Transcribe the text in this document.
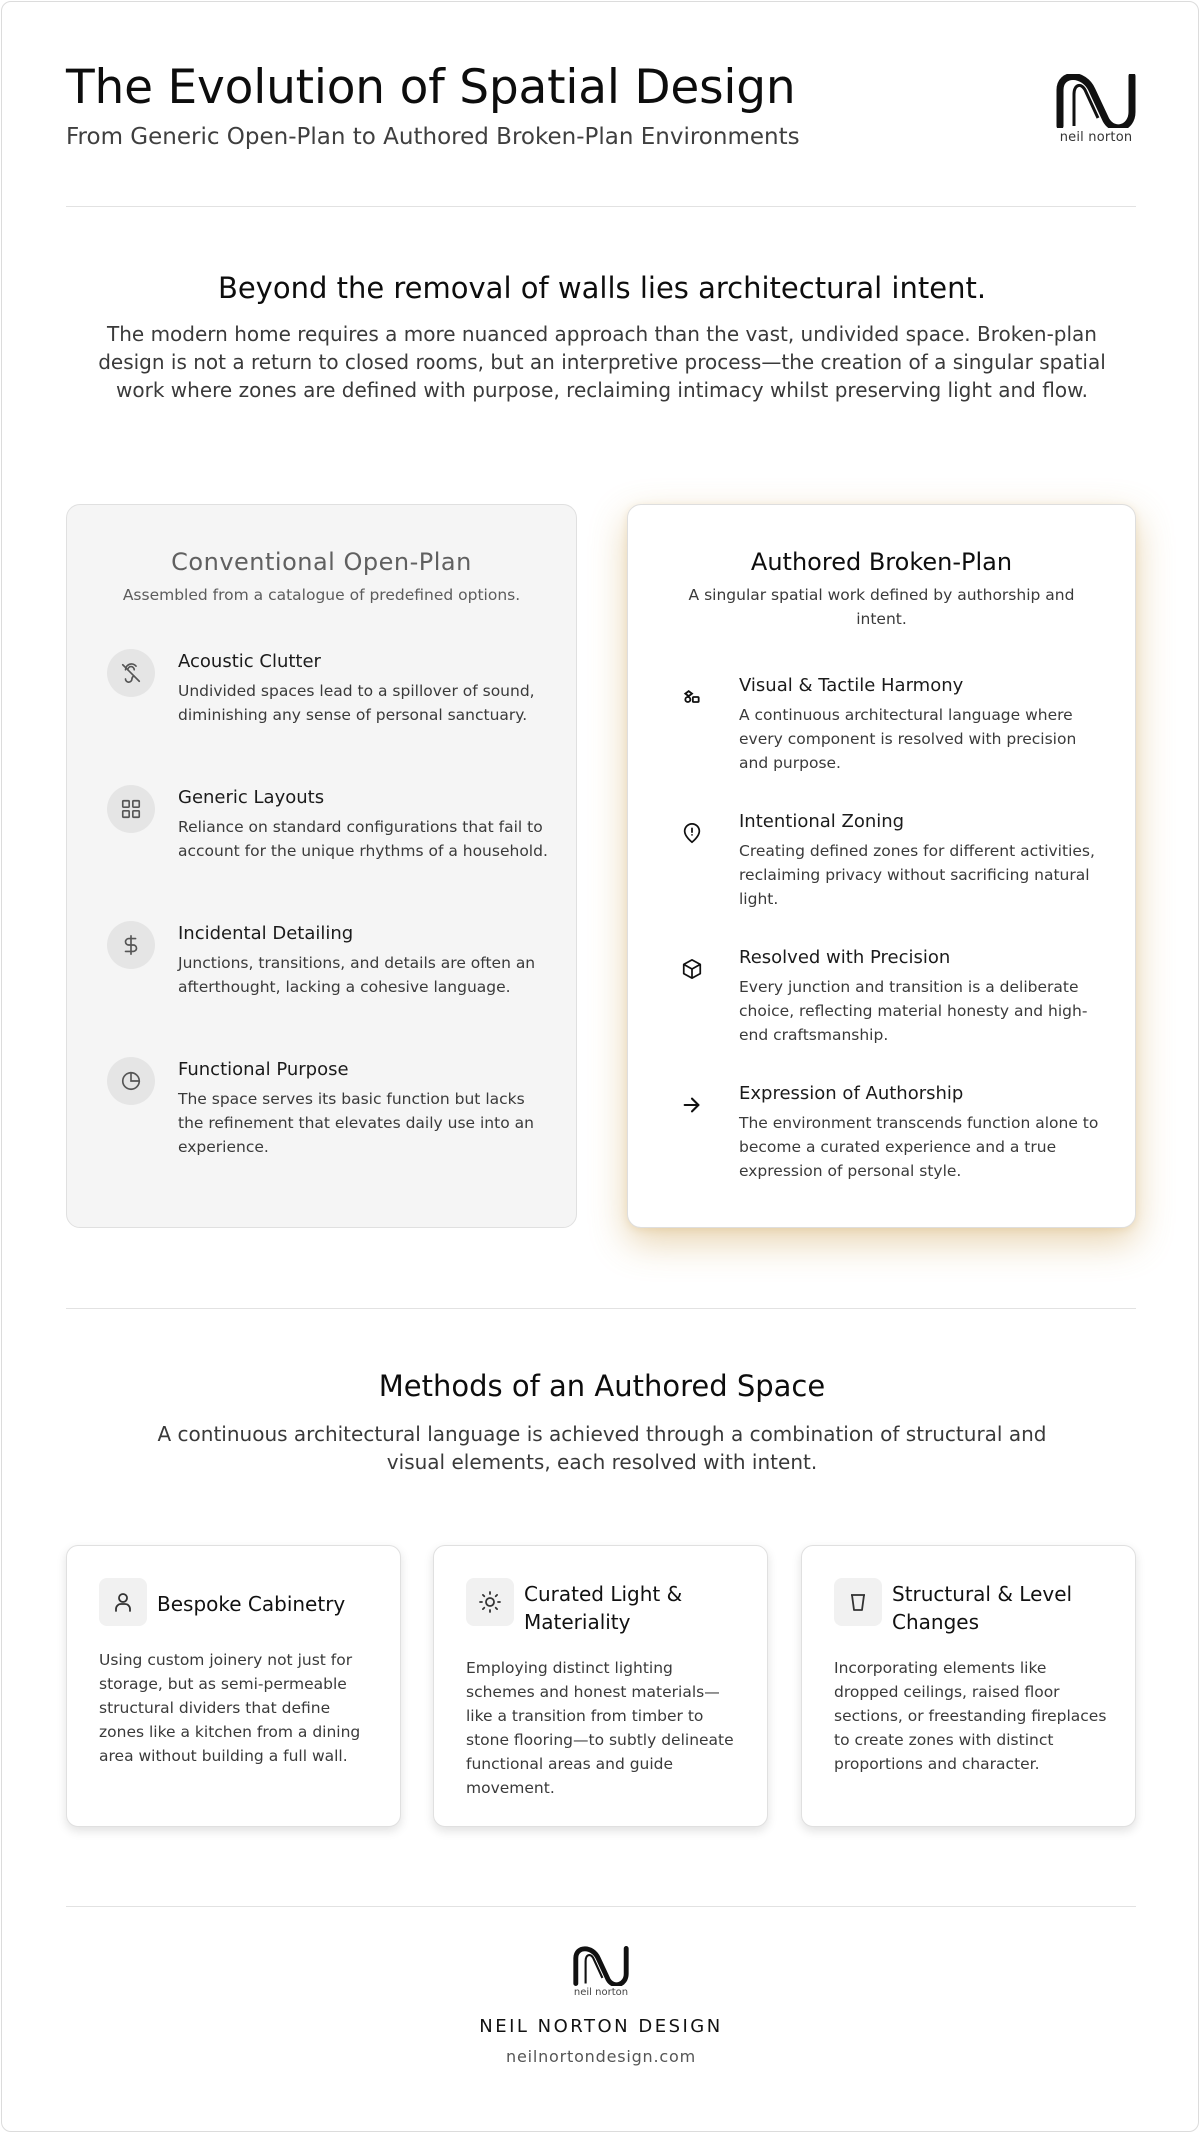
The Evolution of Spatial Design
From Generic Open-Plan to Authored Broken-Plan Environments	neil norton
Beyond the removal of walls lies architectural intent.

The modern home requires a more nuanced approach than the vast, undivided space. Broken-plan design is not a return to closed rooms, but an interpretive process—the creation of a singular spatial work where zones are defined with purpose, reclaiming intimacy whilst preserving light and flow.

Conventional Open-Plan

Assembled from a catalogue of predefined options.

Acoustic Clutter

Undivided spaces lead to a spillover of sound, diminishing any sense of personal sanctuary.

Generic Layouts

Reliance on standard configurations that fail to account for the unique rhythms of a household.

Incidental Detailing

Junctions, transitions, and details are often an afterthought, lacking a cohesive language.

Functional Purpose

The space serves its basic function but lacks the refinement that elevates daily use into an experience.

Authored Broken-Plan

A singular spatial work defined by authorship and intent.

Visual & Tactile Harmony

A continuous architectural language where every component is resolved with precision and purpose.

Intentional Zoning

Creating defined zones for different activities, reclaiming privacy without sacrificing natural light.

Resolved with Precision

Every junction and transition is a deliberate choice, reflecting material honesty and high-end craftsmanship.

Expression of Authorship

The environment transcends function alone to become a curated experience and a true expression of personal style.

Methods of an Authored Space

A continuous architectural language is achieved through a combination of structural and visual elements, each resolved with intent.

Bespoke Cabinetry

Using custom joinery not just for storage, but as semi-permeable structural dividers that define zones like a kitchen from a dining area without building a full wall.

Curated Light & Materiality

Employing distinct lighting schemes and honest materials—like a transition from timber to stone flooring—to subtly delineate functional areas and guide movement.

Structural & Level Changes

Incorporating elements like dropped ceilings, raised floor sections, or freestanding fireplaces to create zones with distinct proportions and character.

neil norton
NEIL NORTON DESIGN
neilnortondesign.com
